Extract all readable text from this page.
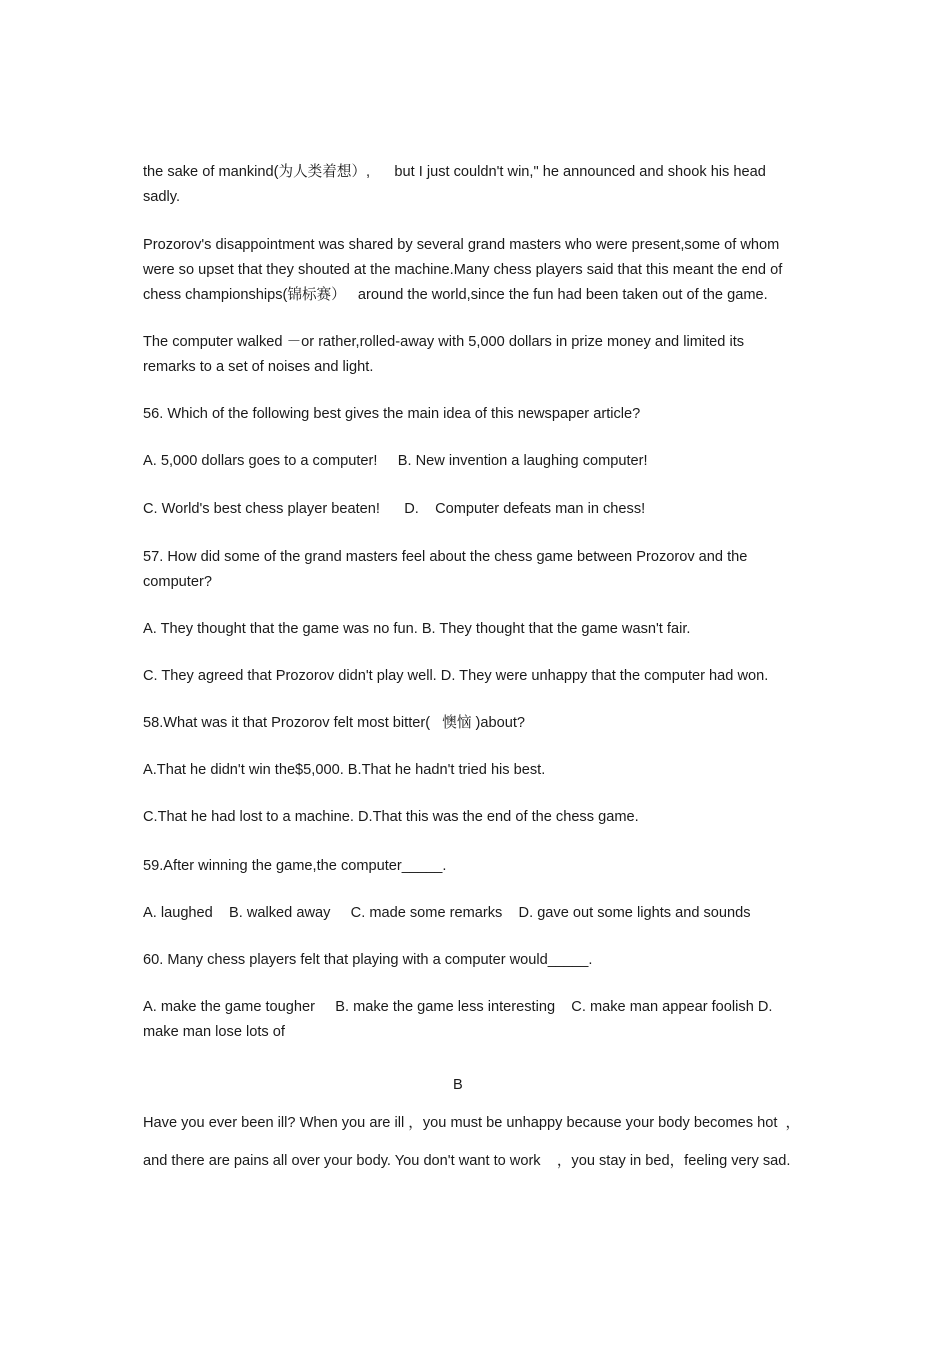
the sake of mankind(为人类着想）,      but I just couldn't win," he announced and shook his head

sadly.

Prozorov's disappointment was shared by several grand masters who were present,some of whom

were so upset that they shouted at the machine.Many chess players said that this meant the end of

chess championships(锦标赛）   around the world,since the fun had been taken out of the game.

The computer walked －or rather,rolled-away with 5,000 dollars in prize money and limited its

remarks to a set of noises and light.

56. Which of the following best gives the main idea of this newspaper article?

A. 5,000 dollars goes to a computer!     B. New invention a laughing computer!

C. World's best chess player beaten!      D.    Computer defeats man in chess!

57. How did some of the grand masters feel about the chess game between Prozorov and the

computer?

A. They thought that the game was no fun. B. They thought that the game wasn't fair.

C. They agreed that Prozorov didn't play well. D. They were unhappy that the computer had won.

58.What was it that Prozorov felt most bitter(   懊恼 )about?

A.That he didn't win the$5,000. B.That he hadn't tried his best.

C.That he had lost to a machine. D.That this was the end of the chess game.

59.After winning the game,the computer_____.

A. laughed    B. walked away     C. made some remarks    D. gave out some lights and sounds

60. Many chess players felt that playing with a computer would_____.

A. make the game tougher     B. make the game less interesting    C. make man appear foolish D.

make man lose lots of

B

Have you ever been ill? When you are ill ，you must be unhappy because your body becomes hot  ，

and there are pains all over your body. You don't want to work    ，you stay in bed，feeling very sad.
